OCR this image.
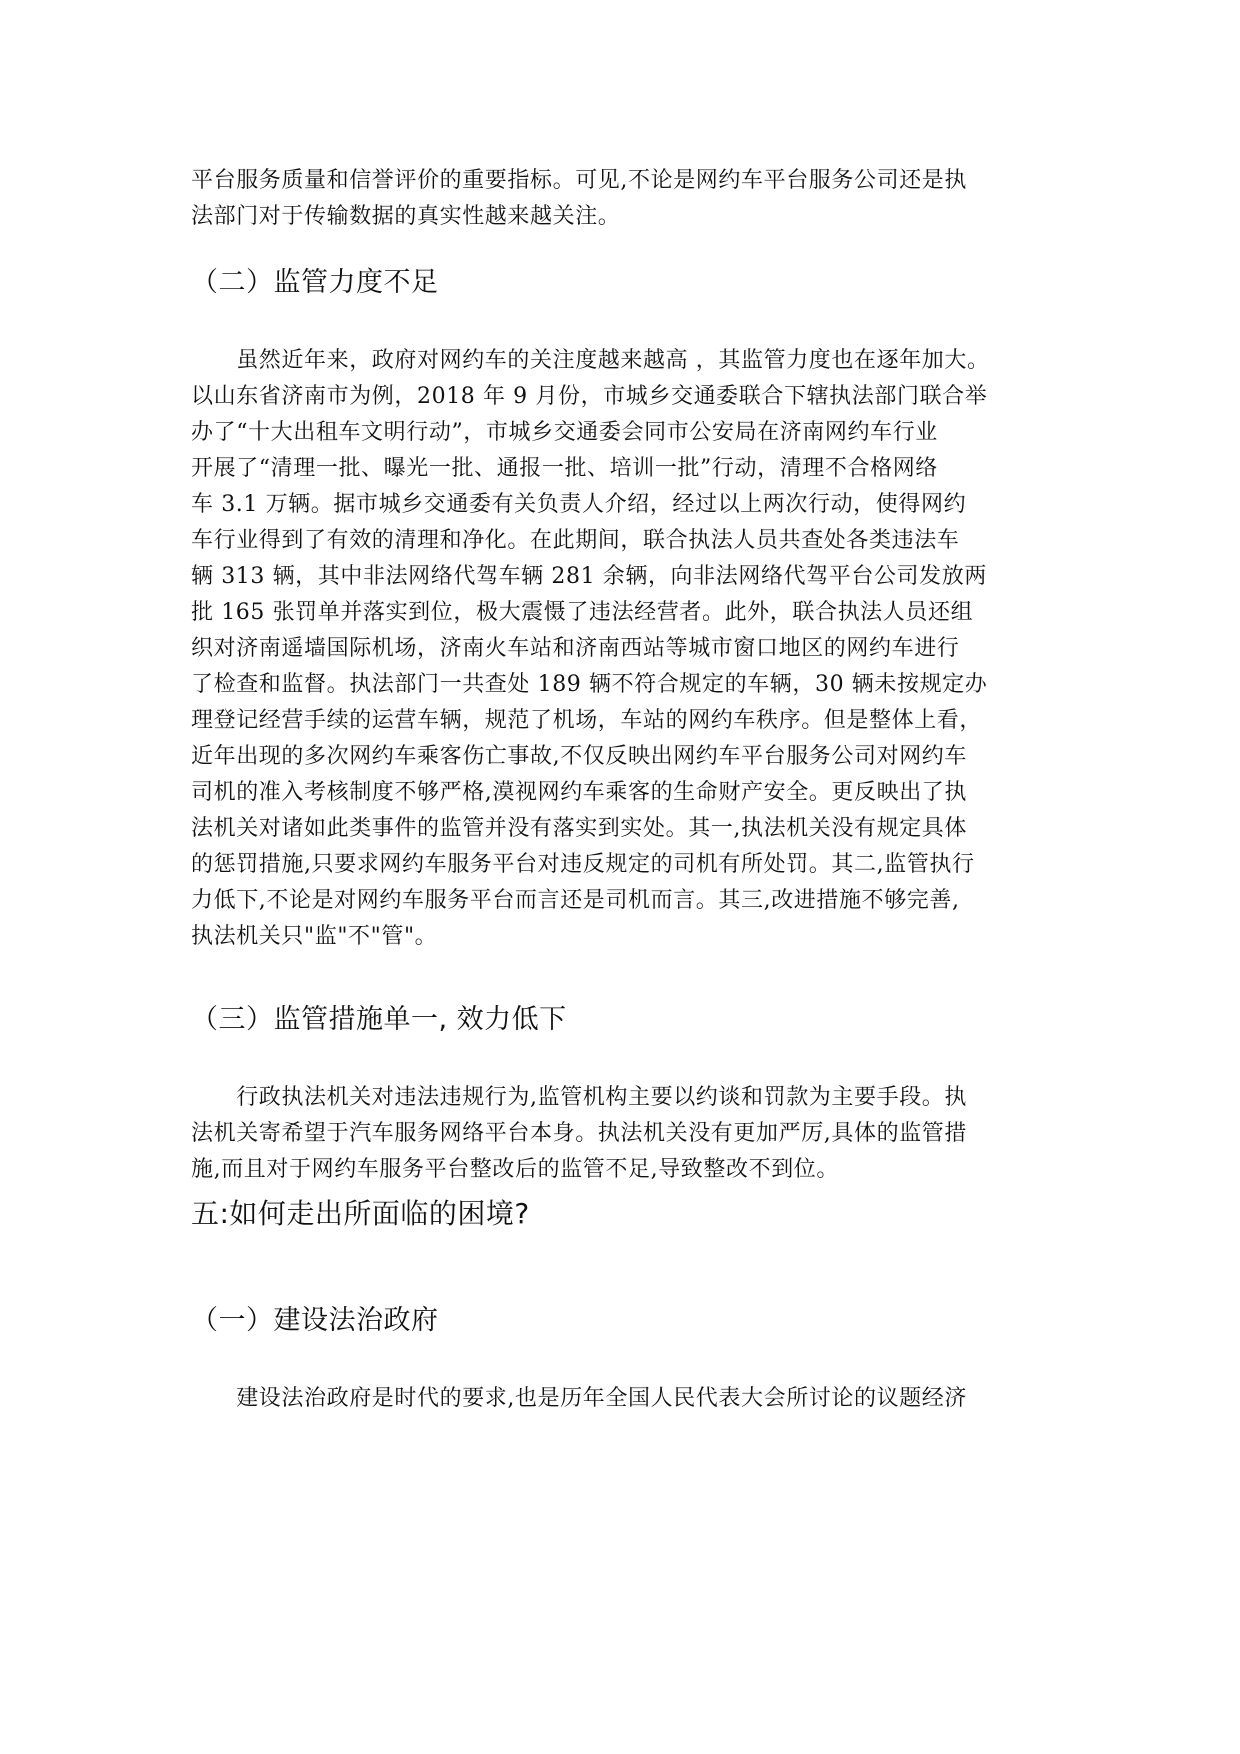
平台服务质量和信誉评价的重要指标。可见,不论是网约车平台服务公司还是执
法部门对于传输数据的真实性越来越关注。
（二）监管力度不足
　　虽然近年来，政府对网约车的关注度越来越高 ，其监管力度也在逐年加大。
以山东省济南市为例，2018 年 9 月份，市城乡交通委联合下辖执法部门联合举
办了“十大出租车文明行动”，市城乡交通委会同市公安局在济南网约车行业
开展了“清理一批、曝光一批、通报一批、培训一批”行动，清理不合格网络
车 3.1 万辆。据市城乡交通委有关负责人介绍，经过以上两次行动，使得网约
车行业得到了有效的清理和净化。在此期间，联合执法人员共查处各类违法车
辆 313 辆，其中非法网络代驾车辆 281 余辆，向非法网络代驾平台公司发放两
批 165 张罚单并落实到位，极大震慑了违法经营者。此外，联合执法人员还组
织对济南遥墙国际机场，济南火车站和济南西站等城市窗口地区的网约车进行
了检查和监督。执法部门一共查处 189 辆不符合规定的车辆，30 辆未按规定办
理登记经营手续的运营车辆，规范了机场，车站的网约车秩序。但是整体上看，
近年出现的多次网约车乘客伤亡事故,不仅反映出网约车平台服务公司对网约车
司机的准入考核制度不够严格,漠视网约车乘客的生命财产安全。更反映出了执
法机关对诸如此类事件的监管并没有落实到实处。其一,执法机关没有规定具体
的惩罚措施,只要求网约车服务平台对违反规定的司机有所处罚。其二,监管执行
力低下,不论是对网约车服务平台而言还是司机而言。其三,改进措施不够完善,
执法机关只"监"不"管"。
（三）监管措施单一, 效力低下
　　行政执法机关对违法违规行为,监管机构主要以约谈和罚款为主要手段。执
法机关寄希望于汽车服务网络平台本身。执法机关没有更加严厉,具体的监管措
施,而且对于网约车服务平台整改后的监管不足,导致整改不到位。
五:如何走出所面临的困境?
（一）建设法治政府
　　建设法治政府是时代的要求,也是历年全国人民代表大会所讨论的议题经济
